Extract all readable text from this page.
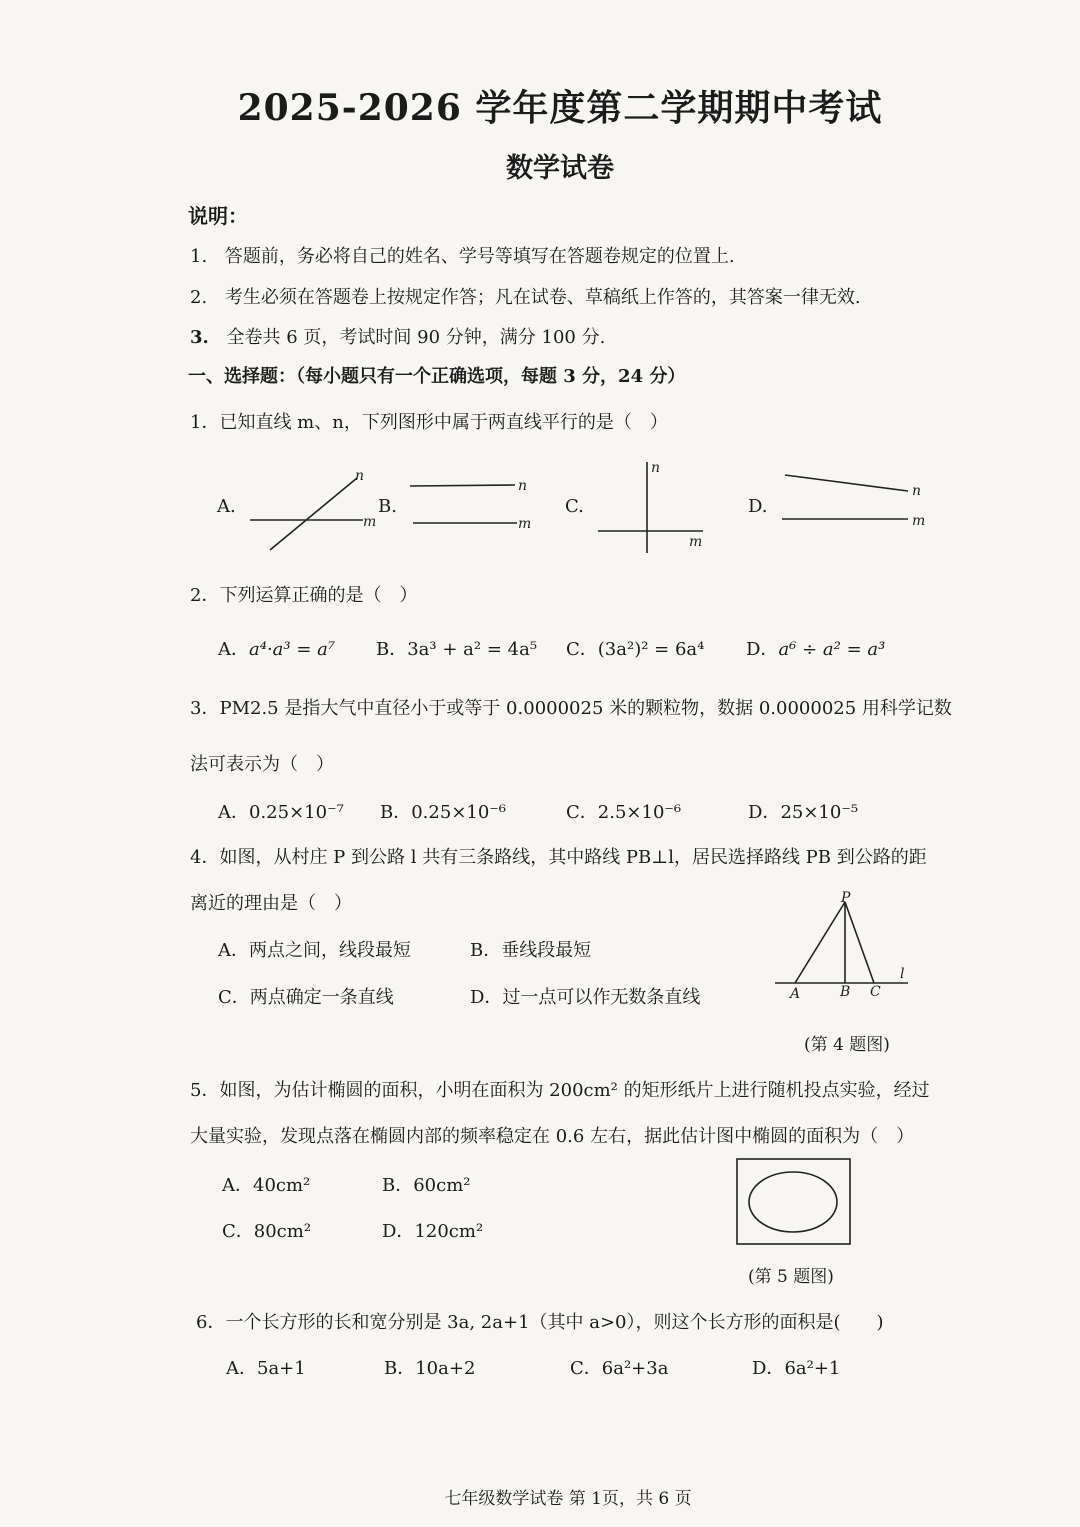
2025-2026 学年度第二学期期中考试
数学试卷
说明：
1. 答题前，务必将自己的姓名、学号等填写在答题卷规定的位置上.
2. 考生必须在答题卷上按规定作答；凡在试卷、草稿纸上作答的，其答案一律无效.
3. 全卷共 6 页，考试时间 90 分钟，满分 100 分.
一、选择题：（每小题只有一个正确选项，每题 3 分，24 分）
1．已知直线 m、n，下列图形中属于两直线平行的是（　）
A.
n
m
B.
n
m
C.
n
m
D.
n
m
2．下列运算正确的是（　）
A．a⁴·a³ = a⁷ B．3a³ + a² = 4a⁵ C．(3a²)² = 6a⁴ D．a⁶ ÷ a² = a³
3．PM2.5 是指大气中直径小于或等于 0.0000025 米的颗粒物，数据 0.0000025 用科学记数
法可表示为（　）
A．0.25×10⁻⁷ B．0.25×10⁻⁶	C．2.5×10⁻⁶	D．25×10⁻⁵
4．如图，从村庄 P 到公路 l 共有三条路线，其中路线 PB⊥l，居民选择路线 PB 到公路的距
离近的理由是（　）
A．两点之间，线段最短	B．垂线段最短
C．两点确定一条直线	D．过一点可以作无数条直线
P
A	B C
l
(第 4 题图)
5．如图，为估计椭圆的面积，小明在面积为 200cm² 的矩形纸片上进行随机投点实验，经过
大量实验，发现点落在椭圆内部的频率稳定在 0.6 左右，据此估计图中椭圆的面积为（　）
A．40cm²	B．60cm²
C．80cm²	D．120cm²
(第 5 题图)
6．一个长方形的长和宽分别是 3a, 2a+1（其中 a>0），则这个长方形的面积是(　　)
A．5a+1	B．10a+2	C．6a²+3a	D．6a²+1
七年级数学试卷 第 1页，共 6 页
